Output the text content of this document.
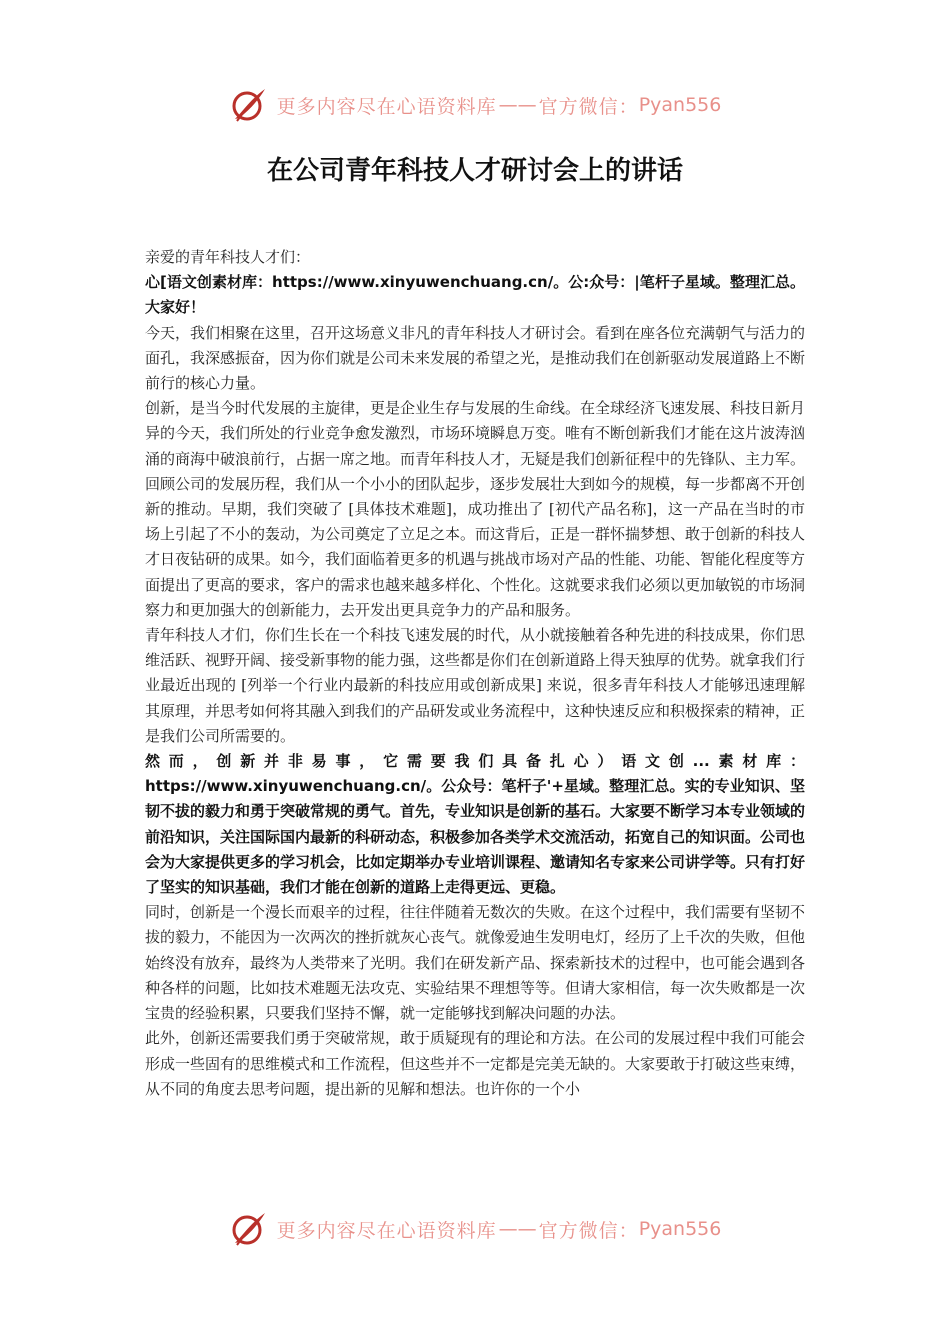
更多内容尽在心语资料库 —— 官方微信： Pyan556
在公司青年科技人才研讨会上的讲话

亲爱的青年科技人才们：

心[语文创素材库：https://www.xinyuwenchuang.cn/。公:众号：|笔杆子星域。整理汇总。大家好！

今天，我们相聚在这里，召开这场意义非凡的青年科技人才研讨会。看到在座各位充满朝气与活力的面孔，我深感振奋，因为你们就是公司未来发展的希望之光，是推动我们在创新驱动发展道路上不断前行的核心力量。

创新，是当今时代发展的主旋律，更是企业生存与发展的生命线。在全球经济飞速发展、科技日新月异的今天，我们所处的行业竞争愈发激烈，市场环境瞬息万变。唯有不断创新我们才能在这片波涛汹涌的商海中破浪前行，占据一席之地。而青年科技人才，无疑是我们创新征程中的先锋队、主力军。

回顾公司的发展历程，我们从一个小小的团队起步，逐步发展壮大到如今的规模，每一步都离不开创新的推动。早期，我们突破了 [具体技术难题]，成功推出了 [初代产品名称]，这一产品在当时的市场上引起了不小的轰动，为公司奠定了立足之本。而这背后，正是一群怀揣梦想、敢于创新的科技人才日夜钻研的成果。如今，我们面临着更多的机遇与挑战市场对产品的性能、功能、智能化程度等方面提出了更高的要求，客户的需求也越来越多样化、个性化。这就要求我们必须以更加敏锐的市场洞察力和更加强大的创新能力，去开发出更具竞争力的产品和服务。

青年科技人才们，你们生长在一个科技飞速发展的时代，从小就接触着各种先进的科技成果，你们思维活跃、视野开阔、接受新事物的能力强，这些都是你们在创新道路上得天独厚的优势。就拿我们行业最近出现的 [列举一个行业内最新的科技应用或创新成果] 来说，很多青年科技人才能够迅速理解其原理，并思考如何将其融入到我们的产品研发或业务流程中，这种快速反应和积极探索的精神，正是我们公司所需要的。

然而，创新并非易事，它需要我们具备扎心）语文创...素材库：https://www.xinyuwenchuang.cn/。公众号：笔杆子'+星域。整理汇总。实的专业知识、坚韧不拔的毅力和勇于突破常规的勇气。首先，专业知识是创新的基石。大家要不断学习本专业领域的前沿知识，关注国际国内最新的科研动态，积极参加各类学术交流活动，拓宽自己的知识面。公司也会为大家提供更多的学习机会，比如定期举办专业培训课程、邀请知名专家来公司讲学等。只有打好了坚实的知识基础，我们才能在创新的道路上走得更远、更稳。

同时，创新是一个漫长而艰辛的过程，往往伴随着无数次的失败。在这个过程中，我们需要有坚韧不拔的毅力，不能因为一次两次的挫折就灰心丧气。就像爱迪生发明电灯，经历了上千次的失败，但他始终没有放弃，最终为人类带来了光明。我们在研发新产品、探索新技术的过程中，也可能会遇到各种各样的问题，比如技术难题无法攻克、实验结果不理想等等。但请大家相信，每一次失败都是一次宝贵的经验积累，只要我们坚持不懈，就一定能够找到解决问题的办法。

此外，创新还需要我们勇于突破常规，敢于质疑现有的理论和方法。在公司的发展过程中我们可能会形成一些固有的思维模式和工作流程，但这些并不一定都是完美无缺的。大家要敢于打破这些束缚，从不同的角度去思考问题，提出新的见解和想法。也许你的一个小

更多内容尽在心语资料库 —— 官方微信： Pyan556
